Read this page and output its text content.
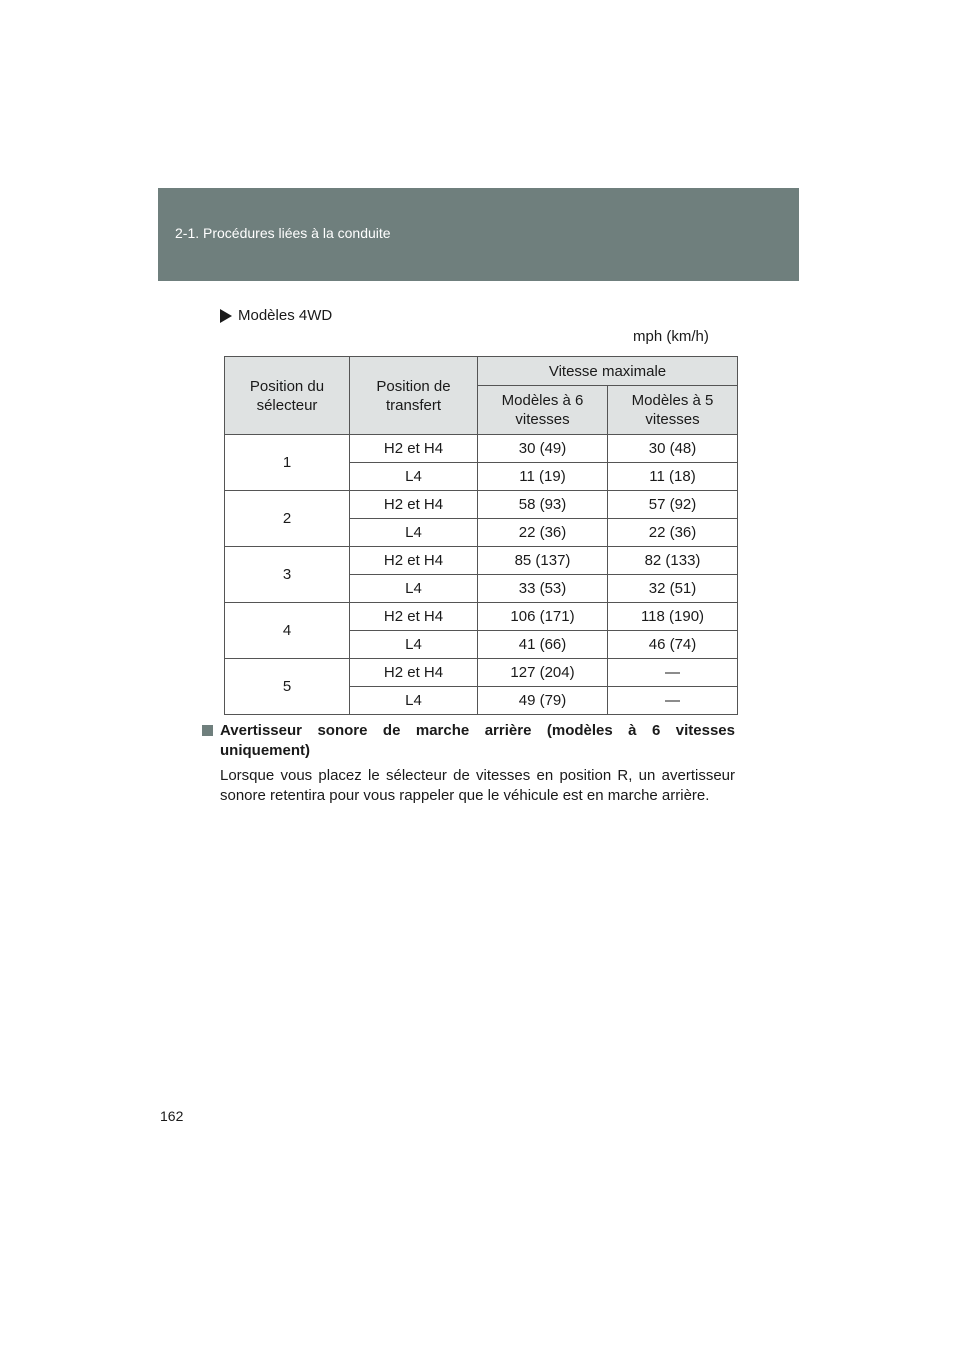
2-1. Procédures liées à la conduite
Modèles 4WD
mph (km/h)
Position du sélecteur	Position de transfert	Vitesse maximale	
		Modèles à 6 vitesses	Modèles à 5 vitesses
1	H2 et H4	30 (49)	30 (48)
	L4	11 (19)	11 (18)
2	H2 et H4	58 (93)	57 (92)
	L4	22 (36)	22 (36)
3	H2 et H4	85 (137)	82 (133)
	L4	33 (53)	32 (51)
4	H2 et H4	106 (171)	118 (190)
	L4	41 (66)	46 (74)
5	H2 et H4	127 (204)	—
	L4	49 (79)	—
Avertisseur sonore de marche arrière (modèles à 6 vitesses uniquement)
Lorsque vous placez le sélecteur de vitesses en position R, un avertisseur sonore retentira pour vous rappeler que le véhicule est en marche arrière.
162
